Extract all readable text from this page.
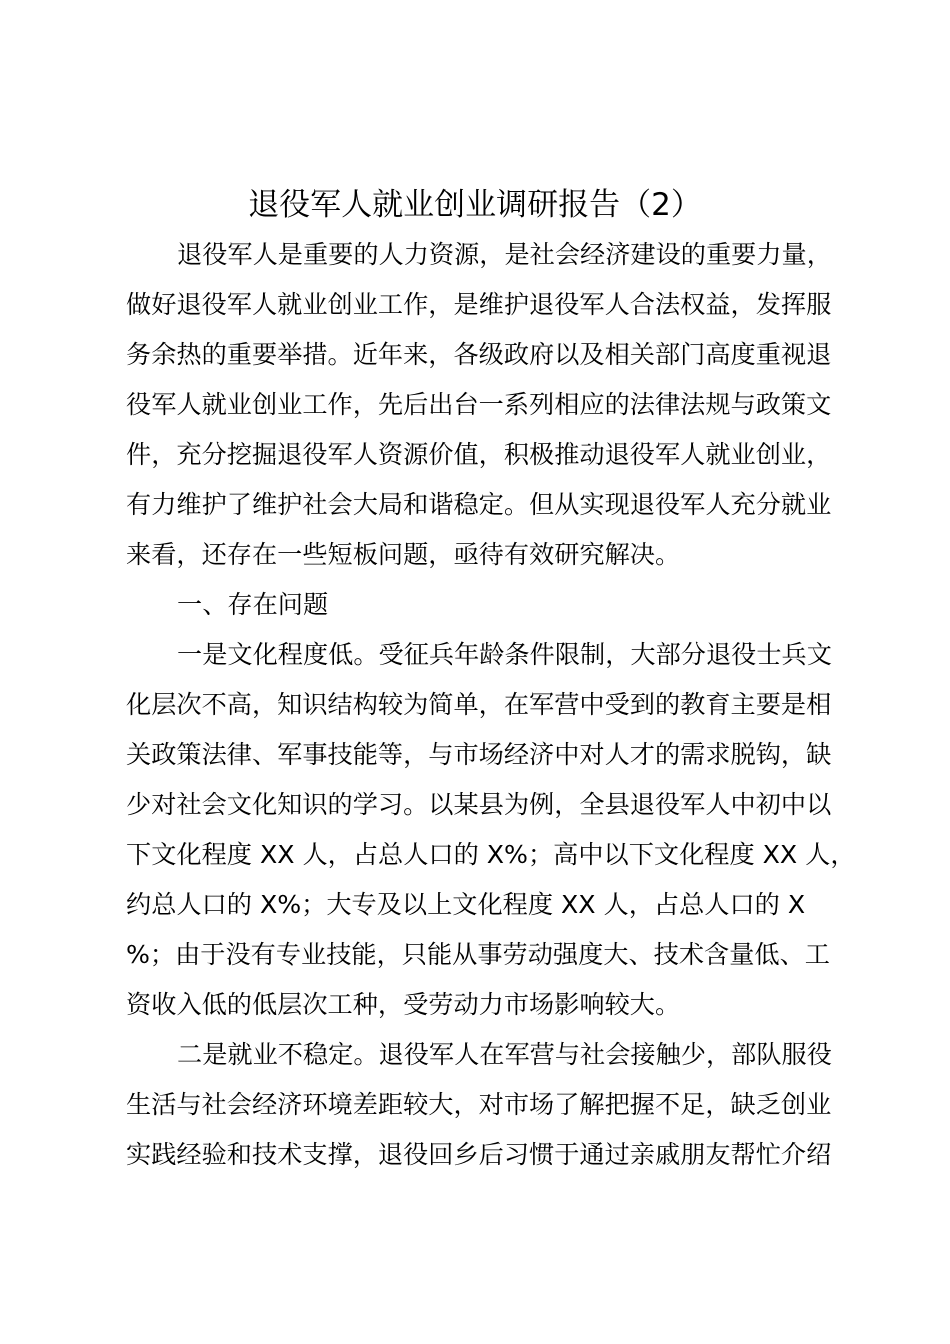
退役军人就业创业调研报告（2）
退役军人是重要的人力资源，是社会经济建设的重要力量，
做好退役军人就业创业工作，是维护退役军人合法权益，发挥服
务余热的重要举措。近年来，各级政府以及相关部门高度重视退
役军人就业创业工作，先后出台一系列相应的法律法规与政策文
件，充分挖掘退役军人资源价值，积极推动退役军人就业创业，
有力维护了维护社会大局和谐稳定。但从实现退役军人充分就业
来看，还存在一些短板问题，亟待有效研究解决。
一、存在问题
一是文化程度低。受征兵年龄条件限制，大部分退役士兵文
化层次不高，知识结构较为简单，在军营中受到的教育主要是相
关政策法律、军事技能等，与市场经济中对人才的需求脱钩，缺
少对社会文化知识的学习。以某县为例，全县退役军人中初中以
下文化程度 XX 人，占总人口的 X%；高中以下文化程度 XX 人，
约总人口的 X%；大专及以上文化程度 XX 人，占总人口的 X
%；由于没有专业技能，只能从事劳动强度大、技术含量低、工
资收入低的低层次工种，受劳动力市场影响较大。
二是就业不稳定。退役军人在军营与社会接触少，部队服役
生活与社会经济环境差距较大，对市场了解把握不足，缺乏创业
实践经验和技术支撑，退役回乡后习惯于通过亲戚朋友帮忙介绍
